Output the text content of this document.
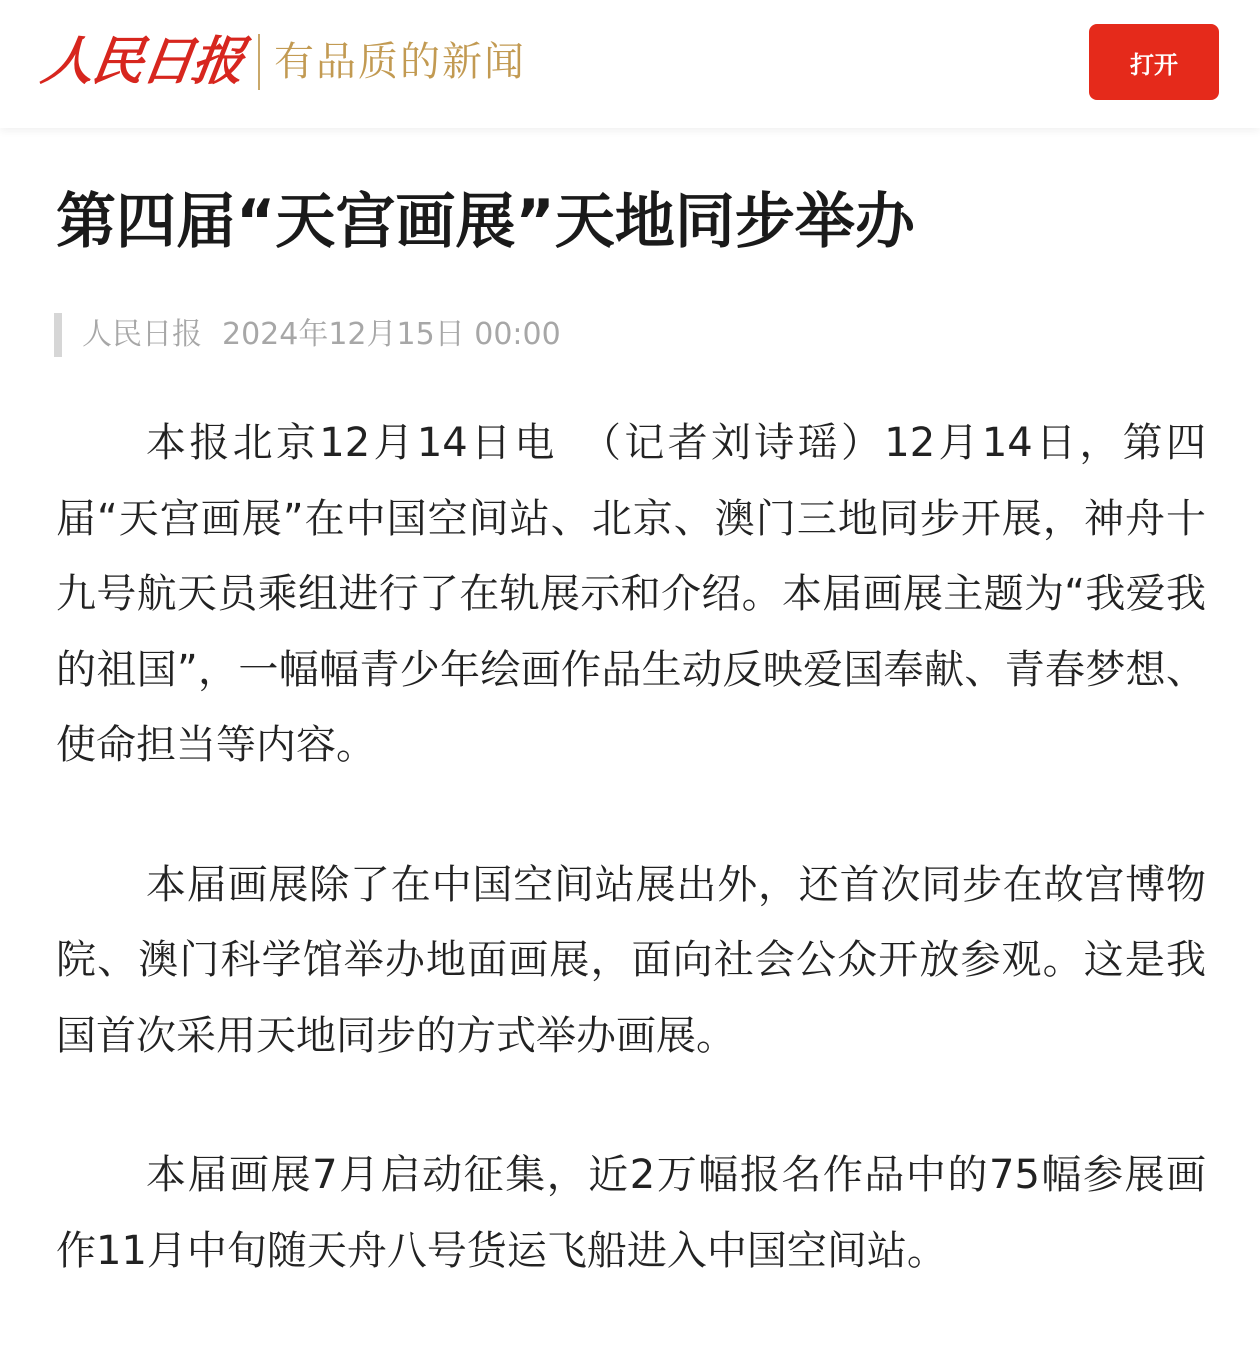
人民日报 有品质的新闻	打开
第四届“天宫画展”天地同步举办
人民日报 2024年12月15日 00:00

本报北京12月14日电　（记者刘诗瑶）12月14日，第四届“天宫画展”在中国空间站、北京、澳门三地同步开展，神舟十九号航天员乘组进行了在轨展示和介绍。本届画展主题为“我爱我的祖国”，一幅幅青少年绘画作品生动反映爱国奉献、青春梦想、使命担当等内容。

本届画展除了在中国空间站展出外，还首次同步在故宫博物院、澳门科学馆举办地面画展，面向社会公众开放参观。这是我国首次采用天地同步的方式举办画展。

本届画展7月启动征集，近2万幅报名作品中的75幅参展画作11月中旬随天舟八号货运飞船进入中国空间站。
